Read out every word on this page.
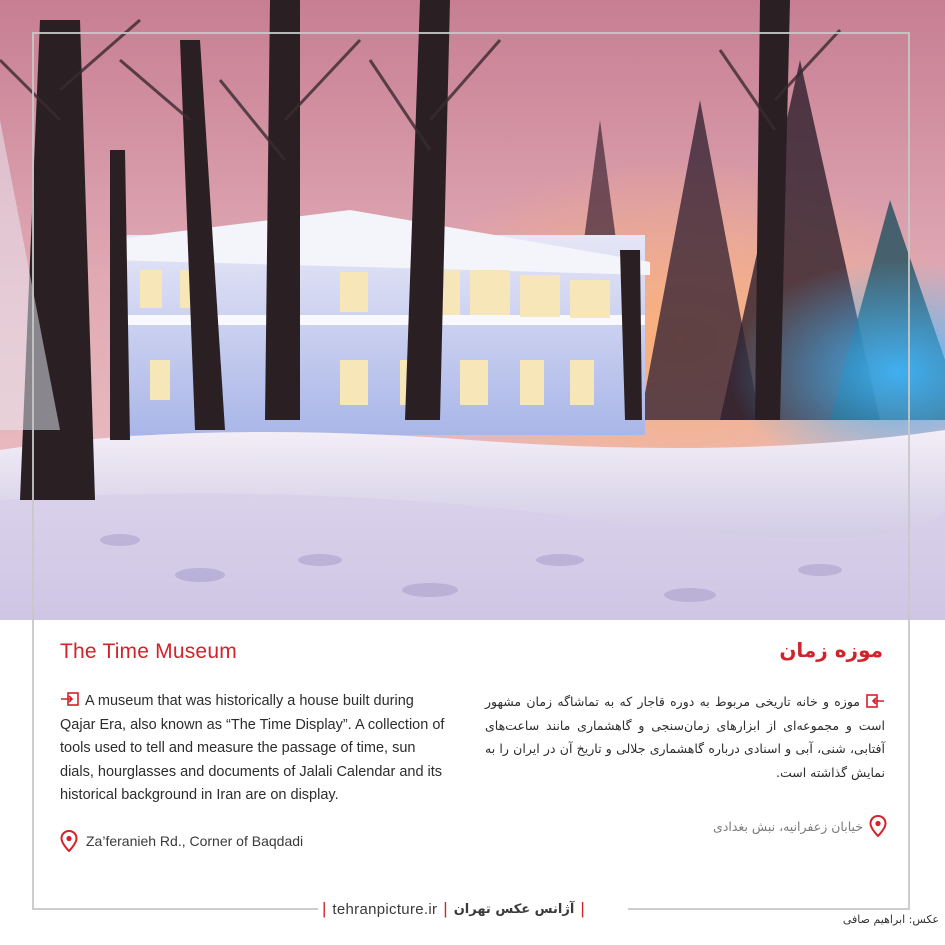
The Time Museum	موزه زمان
A museum that was historically a house built during Qajar Era, also known as “The Time Display”. A collection of tools used to tell and measure the passage of time, sun dials, hourglasses and documents of Jalali Calendar and its historical background in Iran are on display.
موزه و خانه تاریخی مربوط به دوره قاجار که به تماشاگه زمان مشهور است و مجموعه‌ای از ابزارهای زمان‌سنجی و گاهشماری مانند ساعت‌های آفتابی، شنی، آبی و اسنادی درباره گاهشماری جلالی و تاریخ آن در ایران را به نمایش گذاشته است.
Za’feranieh Rd., Corner of Baqdadi
خیابان زعفرانیه، نبش بغدادی
| tehranpicture.ir | آژانس عکس تهران |
عکس: ابراهیم صافی
